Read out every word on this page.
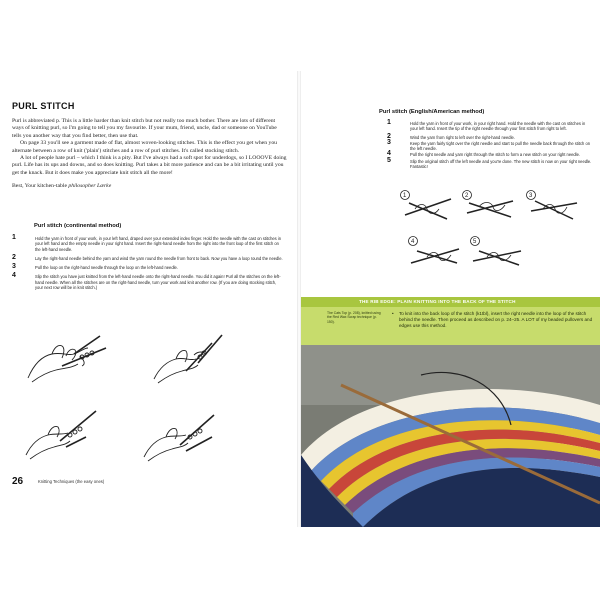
PURL STITCH

Purl is abbreviated p. This is a little harder than knit stitch but not really too much bother. There are lots of different ways of knitting purl, so I'm going to tell you my favourite. If your mum, friend, uncle, dad or someone on YouTube tells you another way that you find better, then use that.

On page 33 you'll see a garment made of flat, almost woven-looking stitches. This is the effect you get when you alternate between a row of knit ('plain') stitches and a row of purl stitches. It's called stocking stitch.

A lot of people hate purl – which I think is a pity. But I've always had a soft spot for underdogs, so I LOOOVE doing purl. Life has its ups and downs, and so does knitting. Purl takes a bit more patience and can be a bit irritating until you get the knack. But it does make you appreciate knit stitch all the more!

Best, Your kitchen-table philosopher Lærke

Purl stitch (continental method)
1	Hold the yarn in front of your work, in your left hand, draped over your extended index finger. Hold the needle with the cast on stitches in your left hand and the empty needle in your right hand. Insert the right-hand needle from the right into the front loop of the first stitch on the left-hand needle.
2	Lay the right-hand needle behind the yarn and wind the yarn round the needle from front to back. Now you have a loop round the needle.
3	Pull the loop on the right-hand needle through the loop on the left-hand needle.
4	Slip the stitch you have just knitted from the left-hand needle onto the right-hand needle. You did it again! Purl all the stitches on the left-hand needle. When all the stitches are on the right-hand needle, turn your work and knit another row. (If you are doing stocking stitch, your next row will be in knit stitch.)
26	Knitting Techniques (the easy ones)
Purl stitch (English/American method)
1	Hold the yarn in front of your work, in your right hand. Hold the needle with the cast on stitches in your left hand. Insert the tip of the right needle through your first stitch from right to left.
2	Wind the yarn from right to left over the right-hand needle.
3	Keep the yarn fairly tight over the right needle and start to pull the needle back through the stitch on the left needle.
4	Pull the right needle and yarn right through the stitch to form a new stitch on your right needle.
5	Slip the original stitch off the left needle and you're done. The new stitch is now on your right needle. Fantastic!
1	2	3
4	5
THE RIB EDGE: PLAIN KNITTING INTO THE BACK OF THE STITCH
The Cats Top (p. 208), knitted using the Red Wax Scrap technique (p. 150).
• To knit into the back loop of the stitch (k1tbl), insert the right needle into the loop of the stitch behind the needle. Then proceed as described on p. 24–25. A LOT of my beaded pullovers and edges use this method.
